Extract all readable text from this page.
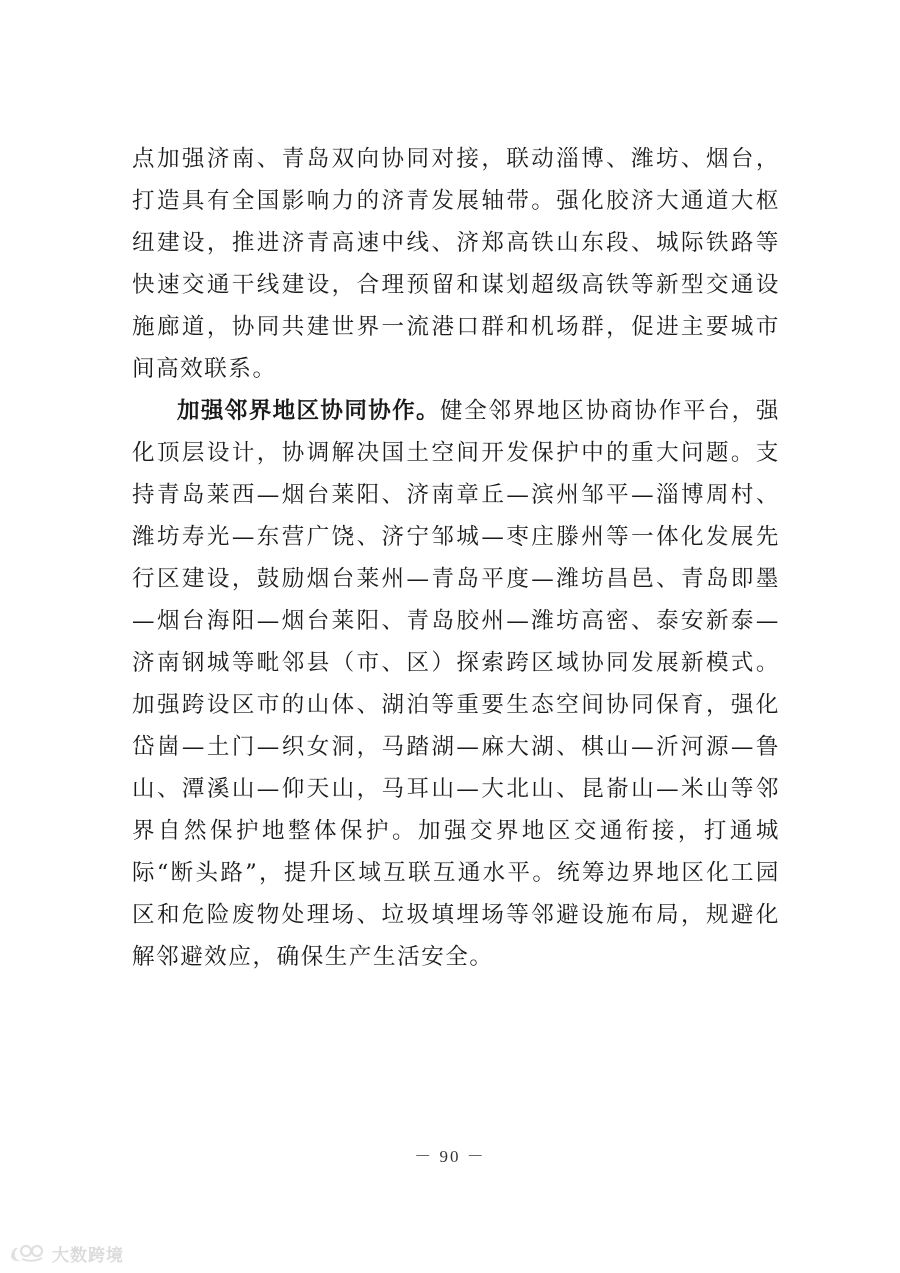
点加强济南、青岛双向协同对接，联动淄博、潍坊、烟台，打造具有全国影响力的济青发展轴带。强化胶济大通道大枢纽建设，推进济青高速中线、济郑高铁山东段、城际铁路等快速交通干线建设，合理预留和谋划超级高铁等新型交通设施廊道，协同共建世界一流港口群和机场群，促进主要城市间高效联系。

加强邻界地区协同协作。健全邻界地区协商协作平台，强化顶层设计，协调解决国土空间开发保护中的重大问题。支持青岛莱西—烟台莱阳、济南章丘—滨州邹平—淄博周村、潍坊寿光—东营广饶、济宁邹城—枣庄滕州等一体化发展先行区建设，鼓励烟台莱州—青岛平度—潍坊昌邑、青岛即墨—烟台海阳—烟台莱阳、青岛胶州—潍坊高密、泰安新泰—济南钢城等毗邻县（市、区）探索跨区域协同发展新模式。加强跨设区市的山体、湖泊等重要生态空间协同保育，强化岱崮—土门—织女洞，马踏湖—麻大湖、棋山—沂河源—鲁山、潭溪山—仰天山，马耳山—大北山、昆嵛山—米山等邻界自然保护地整体保护。加强交界地区交通衔接，打通城际“断头路”，提升区域互联互通水平。统筹边界地区化工园区和危险废物处理场、垃圾填埋场等邻避设施布局，规避化解邻避效应，确保生产生活安全。

－ 90 －
大数跨境
